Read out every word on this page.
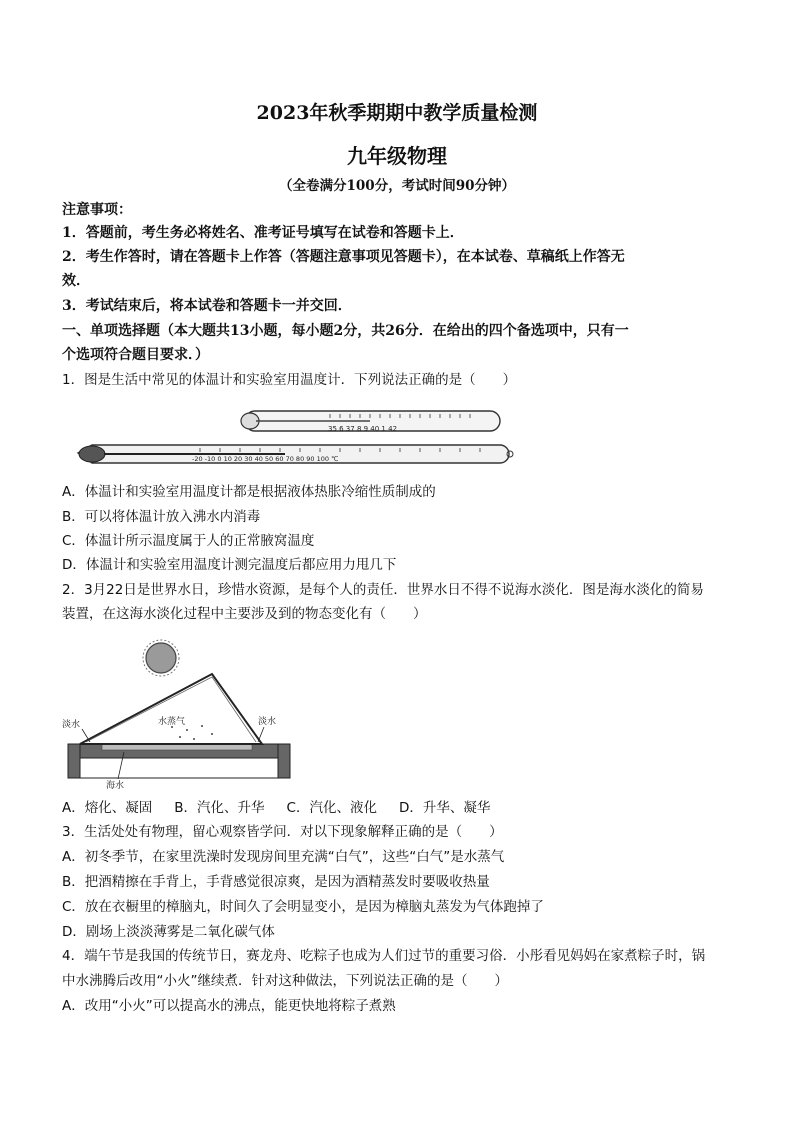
2023年秋季期期中教学质量检测
九年级物理
（全卷满分100分，考试时间90分钟）
注意事项：
1．答题前，考生务必将姓名、准考证号填写在试卷和答题卡上．
2．考生作答时，请在答题卡上作答（答题注意事项见答题卡），在本试卷、草稿纸上作答无
效．
3．考试结束后，将本试卷和答题卡一并交回．
一、单项选择题（本大题共13小题，每小题2分，共26分．在给出的四个备选项中，只有一
个选项符合题目要求．）
1．图是生活中常见的体温计和实验室用温度计．下列说法正确的是（　　）
35 6 37 8 9 40 1 42
-20 -10 0 10 20 30 40 50 60 70 80 90 100 ℃
A．体温计和实验室用温度计都是根据液体热胀冷缩性质制成的
B．可以将体温计放入沸水内消毒
C．体温计所示温度属于人的正常腋窝温度
D．体温计和实验室用温度计测完温度后都应用力甩几下
2．3月22日是世界水日，珍惜水资源，是每个人的责任．世界水日不得不说海水淡化．图是海水淡化的简易
装置，在这海水淡化过程中主要涉及到的物态变化有（　　）
水蒸气
淡水	淡水
海水
A．熔化、凝固 B．汽化、升华 C．汽化、液化 D．升华、凝华
3．生活处处有物理，留心观察皆学问．对以下现象解释正确的是（　　）
A．初冬季节，在家里洗澡时发现房间里充满“白气”，这些“白气”是水蒸气
B．把酒精擦在手背上，手背感觉很凉爽，是因为酒精蒸发时要吸收热量
C．放在衣橱里的樟脑丸，时间久了会明显变小，是因为樟脑丸蒸发为气体跑掉了
D．剧场上淡淡薄雾是二氧化碳气体
4．端午节是我国的传统节日，赛龙舟、吃粽子也成为人们过节的重要习俗．小彤看见妈妈在家煮粽子时，锅
中水沸腾后改用“小火”继续煮．针对这种做法，下列说法正确的是（　　）
A．改用“小火”可以提高水的沸点，能更快地将粽子煮熟
